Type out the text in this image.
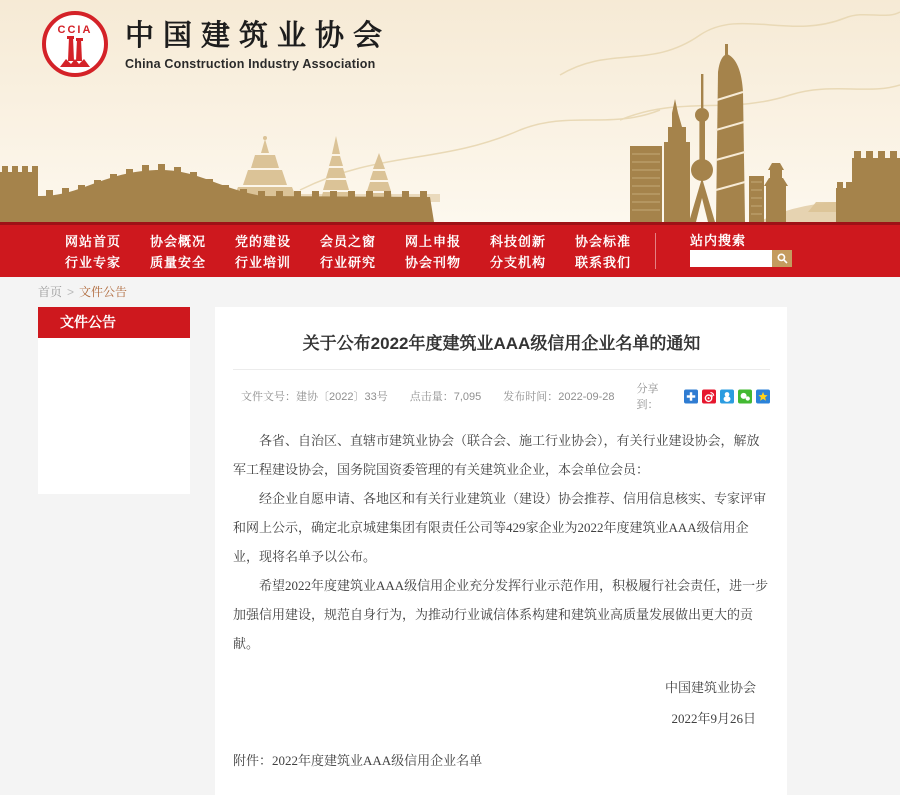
CCIA 中国建筑业协会
China Construction Industry Association
网站首页	协会概况	党的建设	会员之窗	网上申报	科技创新	协会标准
行业专家	质量安全	行业培训	行业研究	协会刊物	分支机构	联系我们
站内搜索
首页 > 文件公告
文件公告
关于公布2022年度建筑业AAA级信用企业名单的通知
文件文号：建协〔2022〕33号 点击量：7,095 发布时间：2022-09-28
分享到：

各省、自治区、直辖市建筑业协会（联合会、施工行业协会），有关行业建设协会，解放军工程建设协会，国务院国资委管理的有关建筑业企业，本会单位会员：

经企业自愿申请、各地区和有关行业建筑业（建设）协会推荐、信用信息核实、专家评审和网上公示，确定北京城建集团有限责任公司等429家企业为2022年度建筑业AAA级信用企业，现将名单予以公布。

希望2022年度建筑业AAA级信用企业充分发挥行业示范作用，积极履行社会责任，进一步加强信用建设，规范自身行为，为推动行业诚信体系构建和建筑业高质量发展做出更大的贡献。

中国建筑业协会
2022年9月26日
附件：2022年度建筑业AAA级信用企业名单
